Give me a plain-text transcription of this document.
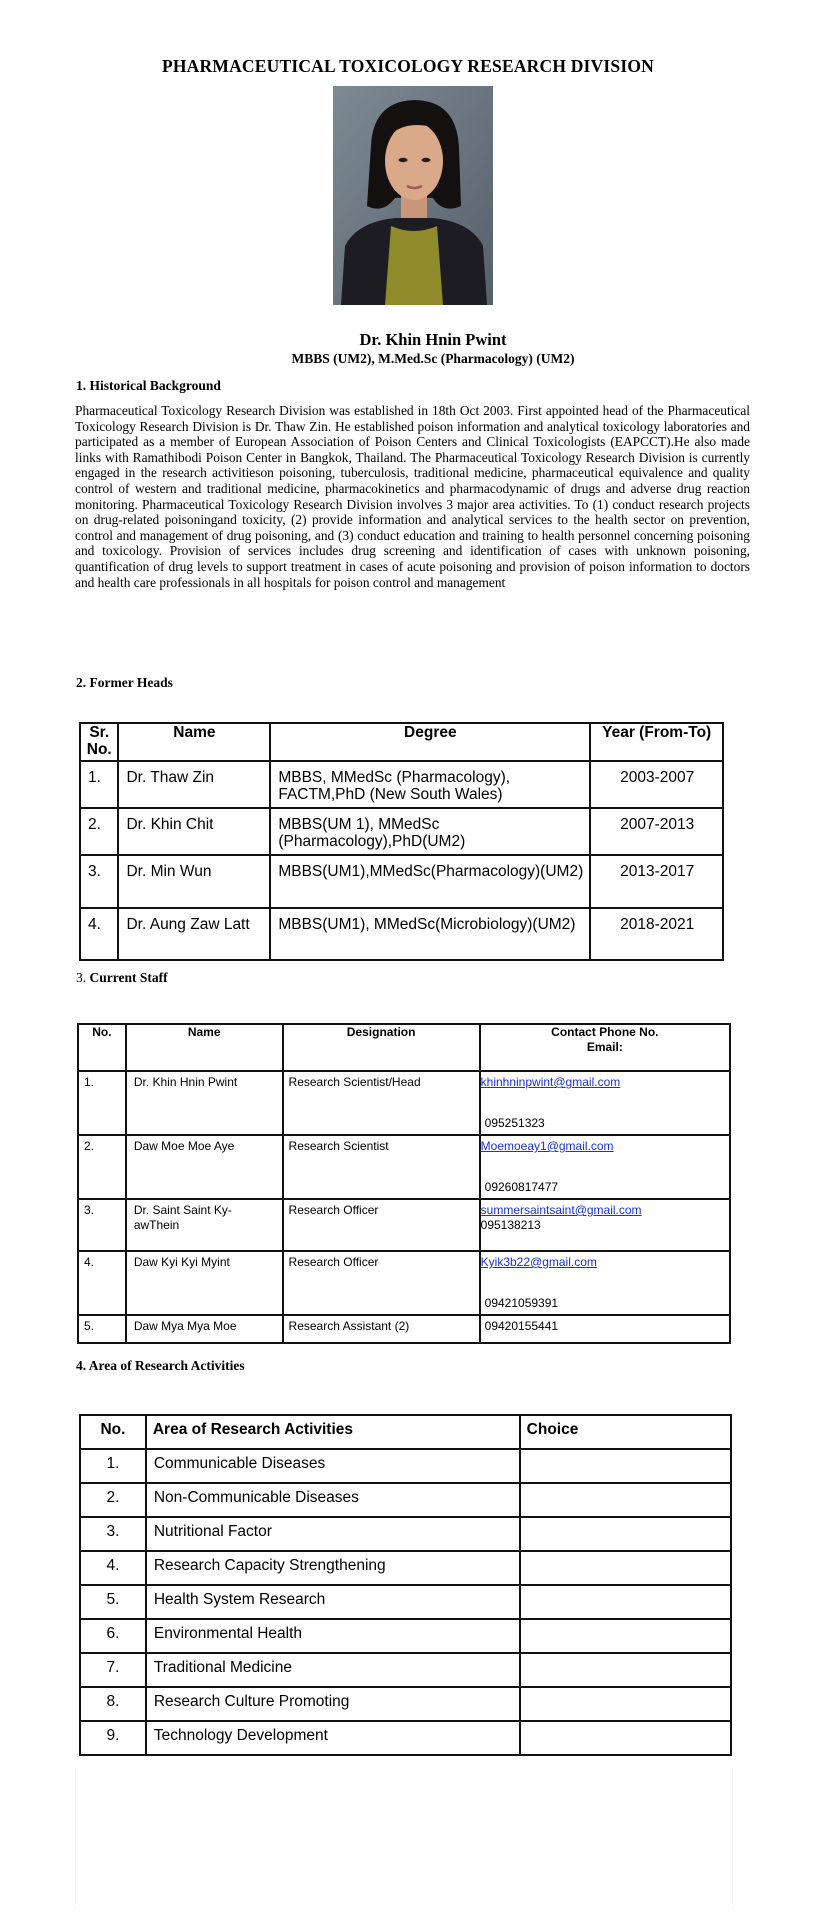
PHARMACEUTICAL TOXICOLOGY RESEARCH DIVISION
Dr. Khin Hnin Pwint
MBBS (UM2), M.Med.Sc (Pharmacology) (UM2)
1. Historical Background

Pharmaceutical Toxicology Research Division was established in 18th Oct 2003. First appointed head of the Pharmaceutical Toxicology Research Division is Dr. Thaw Zin. He established poison information and analytical toxicology laboratories and participated as a member of European Association of Poison Centers and Clinical Toxicologists (EAPCCT).He also made links with Ramathibodi Poison Center in Bangkok, Thailand. The Pharmaceutical Toxicology Research Division is currently engaged in the research activitieson poisoning, tuberculosis, traditional medicine, pharmaceutical equivalence and quality control of western and traditional medicine, pharmacokinetics and pharmacodynamic of drugs and adverse drug reaction monitoring. Pharmaceutical Toxicology Research Division involves 3 major area activities. To (1) conduct research projects on drug-related poisoningand toxicity, (2) provide information and analytical services to the health sector on prevention, control and management of drug poisoning, and (3) conduct education and training to health personnel concerning poisoning and toxicology. Provision of services includes drug screening and identification of cases with unknown poisoning, quantification of drug levels to support treatment in cases of acute poisoning and provision of poison information to doctors and health care professionals in all hospitals for poison control and management

2. Former Heads
Sr. No.	Name	Degree	Year (From-To)
1.	Dr. Thaw Zin	MBBS, MMedSc (Pharmacology), FACTM,PhD (New South Wales)	2003-2007
2.	Dr. Khin Chit	MBBS(UM 1), MMedSc (Pharmacology),PhD(UM2)	2007-2013
3.	Dr. Min Wun	MBBS(UM1),MMedSc(Pharmacology)(UM2)	2013-2017
4.	Dr. Aung Zaw Latt	MBBS(UM1), MMedSc(Microbiology)(UM2)	2018-2021
3. Current Staff
No.	Name	Designation	Contact Phone No. Email:

1.	Dr. Khin Hnin Pwint	Research Scientist/Head	khinhninpwint@gmail.com
095251323

2.	Daw Moe Moe Aye	Research Scientist	Moemoeay1@gmail.com
09260817477

3.	Dr. Saint Saint Ky-awThein	Research Officer	summersaintsaint@gmail.com
095138213

4.	Daw Kyi Kyi Myint	Research Officer	Kyik3b22@gmail.com
09421059391

5.	Daw Mya Mya Moe	Research Assistant (2)	09420155441
4. Area of Research Activities
No.	Area of Research Activities	Choice
1.	Communicable Diseases	
2.	Non-Communicable Diseases	
3.	Nutritional Factor	
4.	Research Capacity Strengthening	
5.	Health System Research	
6.	Environmental Health	
7.	Traditional Medicine	
8.	Research Culture Promoting	
9.	Technology Development	
